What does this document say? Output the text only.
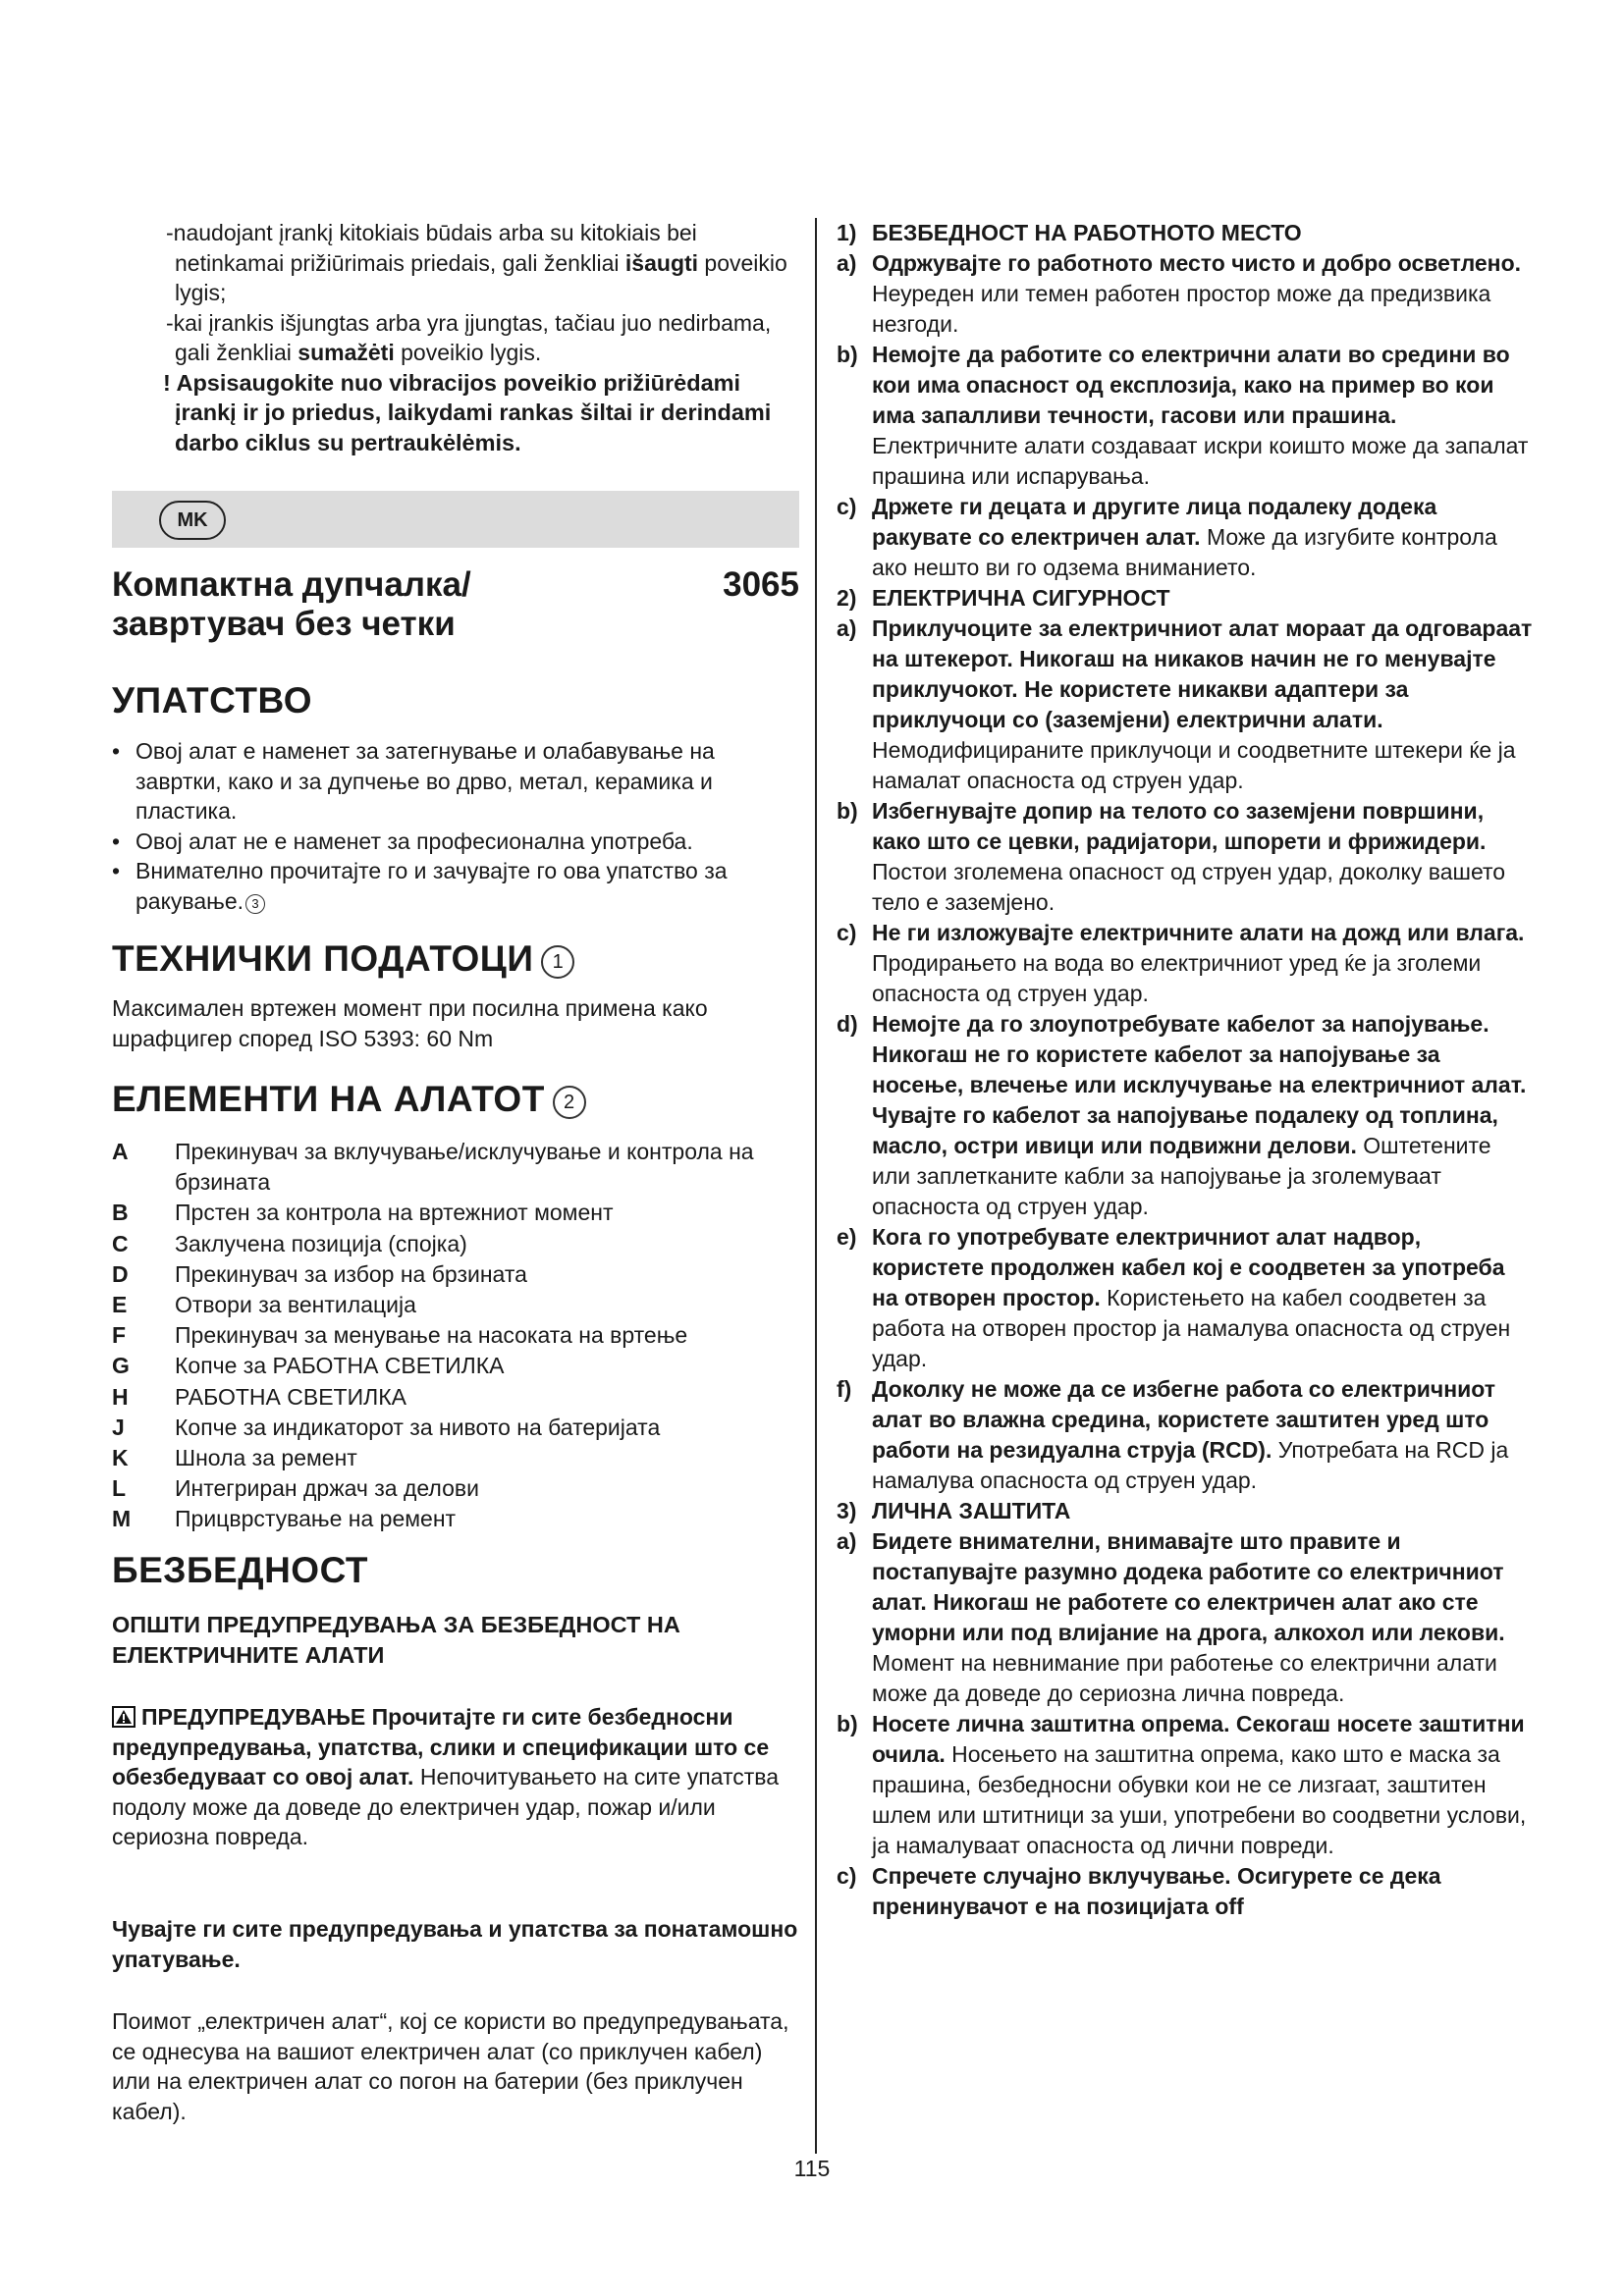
-naudojant įrankį kitokiais būdais arba su kitokiais bei netinkamai prižiūrimais priedais, gali ženkliai išaugti poveikio lygis;

-kai įrankis išjungtas arba yra įjungtas, tačiau juo nedirbama, gali ženkliai sumažėti poveikio lygis.

! Apsisaugokite nuo vibracijos poveikio prižiūrėdami įrankį ir jo priedus, laikydami rankas šiltai ir derindami darbo ciklus su pertraukėlėmis.

MK
Компактна дупчалка/
завртувач без четки
3065
УПАТСТВО
• Овој алат е наменет за затегнување и олабавување на завртки, како и за дупчење во дрво, метал, керамика и пластика.
• Овој алат не е наменет за професионална употреба.
• Внимателно прочитајте го и зачувајте го ова упатство за ракување. 3
ТЕХНИЧКИ ПОДАТОЦИ 1

Максимален вртежен момент при посилна примена како шрафцигер според ISO 5393: 60 Nm

ЕЛЕМЕНТИ НА АЛАТОТ 2
A	Прекинувач за вклучување/исклучување и контрола на брзината
B	Прстен за контрола на вртежниот момент
C	Заклучена позиција (спојка)
D	Прекинувач за избор на брзината
E	Отвори за вентилација
F	Прекинувач за менување на насоката на вртење
G	Копче за РАБОТНА СВЕТИЛКА
H	РАБОТНА СВЕТИЛКА
J	Копче за индикаторот за нивото на батеријата
K	Шнола за ремент
L	Интегриран држач за делови
M	Прицврстување на ремент
БЕЗБЕДНОСТ

ОПШТИ ПРЕДУПРЕДУВАЊА ЗА БЕЗБЕДНОСТ НА ЕЛЕКТРИЧНИТЕ АЛАТИ

ПРЕДУПРЕДУВАЊЕ Прочитајте ги сите безбедносни предупредувања, упатства, слики и спецификации што се обезбедуваат со овој алат. Непочитувањето на сите упатства подолу може да доведе до електричен удар, пожар и/или сериозна повреда.

Чувајте ги сите предупредувања и упатства за понатамошно упатување.

Поимот „електричен алат“, кој се користи во предупредувањата, се однесува на вашиот електричен алат (со приклучен кабел) или на електричен алат со погон на батерии (без приклучен кабел).

1) БЕЗБЕДНОСТ НА РАБОТНОТО МЕСТО
a) Одржувајте го работното место чисто и добро осветлено. Неуреден или темен работен простор може да предизвика незгоди.
b) Немојте да работите со електрични алати во средини во кои има опасност од експлозија, како на пример во кои има запалливи течности, гасови или прашина. Електричните алати создаваат искри коишто може да запалат прашина или испарувања.
c) Држете ги децата и другите лица подалеку додека ракувате со електричен алат. Може да изгубите контрола ако нешто ви го одзема вниманието.
2) ЕЛЕКТРИЧНА СИГУРНОСТ
a) Приклучоците за електричниот алат мораат да одговараат на штекерот. Никогаш на никаков начин не го менувајте приклучокот. Не користете никакви адаптери за приклучоци со (заземјени) електрични алати. Немодифицираните приклучоци и соодветните штекери ќе ја намалат опасноста од струен удар.
b) Избегнувајте допир на телото со заземјени површини, како што се цевки, радијатори, шпорети и фрижидери. Постои зголемена опасност од струен удар, доколку вашето тело е заземјено.
c) Не ги изложувајте електричните алати на дожд или влага. Продирањето на вода во електричниот уред ќе ја зголеми опасноста од струен удар.
d) Немојте да го злоупотребувате кабелот за напојување. Никогаш не го користете кабелот за напојување за носење, влечење или исклучување на електричниот алат. Чувајте го кабелот за напојување подалеку од топлина, масло, остри ивици или подвижни делови. Оштетените или заплетканите кабли за напојување ја зголемуваат опасноста од струен удар.
e) Кога го употребувате електричниот алат надвор, користете продолжен кабел кој е соодветен за употреба на отворен простор. Користењето на кабел соодветен за работа на отворен простор ја намалува опасноста од струен удар.
f) Доколку не може да се избегне работа со електричниот алат во влажна средина, користете заштитен уред што работи на резидуална струја (RCD). Употребата на RCD ја намалува опасноста од струен удар.
3) ЛИЧНА ЗАШТИТА
a) Бидете внимателни, внимавајте што правите и постапувајте разумно додека работите со електричниот алат. Никогаш не работете со електричен алат ако сте уморни или под влијание на дрога, алкохол или лекови. Момент на невнимание при работење со електрични алати може да доведе до сериозна лична повреда.
b) Носете лична заштитна опрема. Секогаш носете заштитни очила. Носењето на заштитна опрема, како што е маска за прашина, безбедносни обувки кои не се лизгаат, заштитен шлем или штитници за уши, употребени во соодветни услови, ја намалуваат опасноста од лични повреди.
c) Спречете случајно вклучување. Осигурете се дека пренинувачот е на позицијата off
115
